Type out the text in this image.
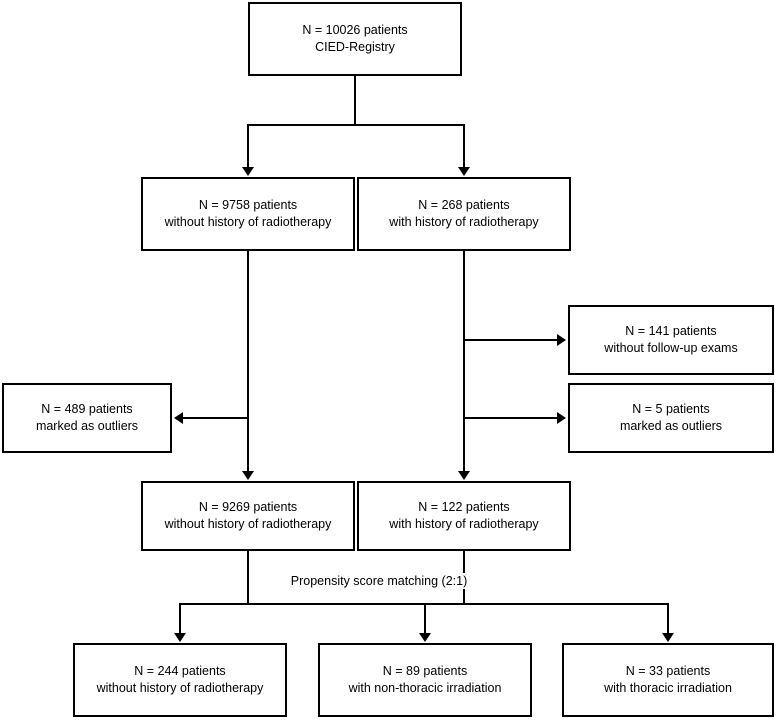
N = 10026 patients
CIED-Registry
N = 9758 patients
without history of radiotherapy
N = 268 patients
with history of radiotherapy
N = 141 patients
without follow-up exams
N = 5 patients
marked as outliers
N = 489 patients
marked as outliers
N = 9269 patients
without history of radiotherapy
N = 122 patients
with history of radiotherapy
N = 244 patients
without history of radiotherapy
N = 89 patients
with non-thoracic irradiation
N = 33 patients
with thoracic irradiation
Propensity score matching (2:1)
